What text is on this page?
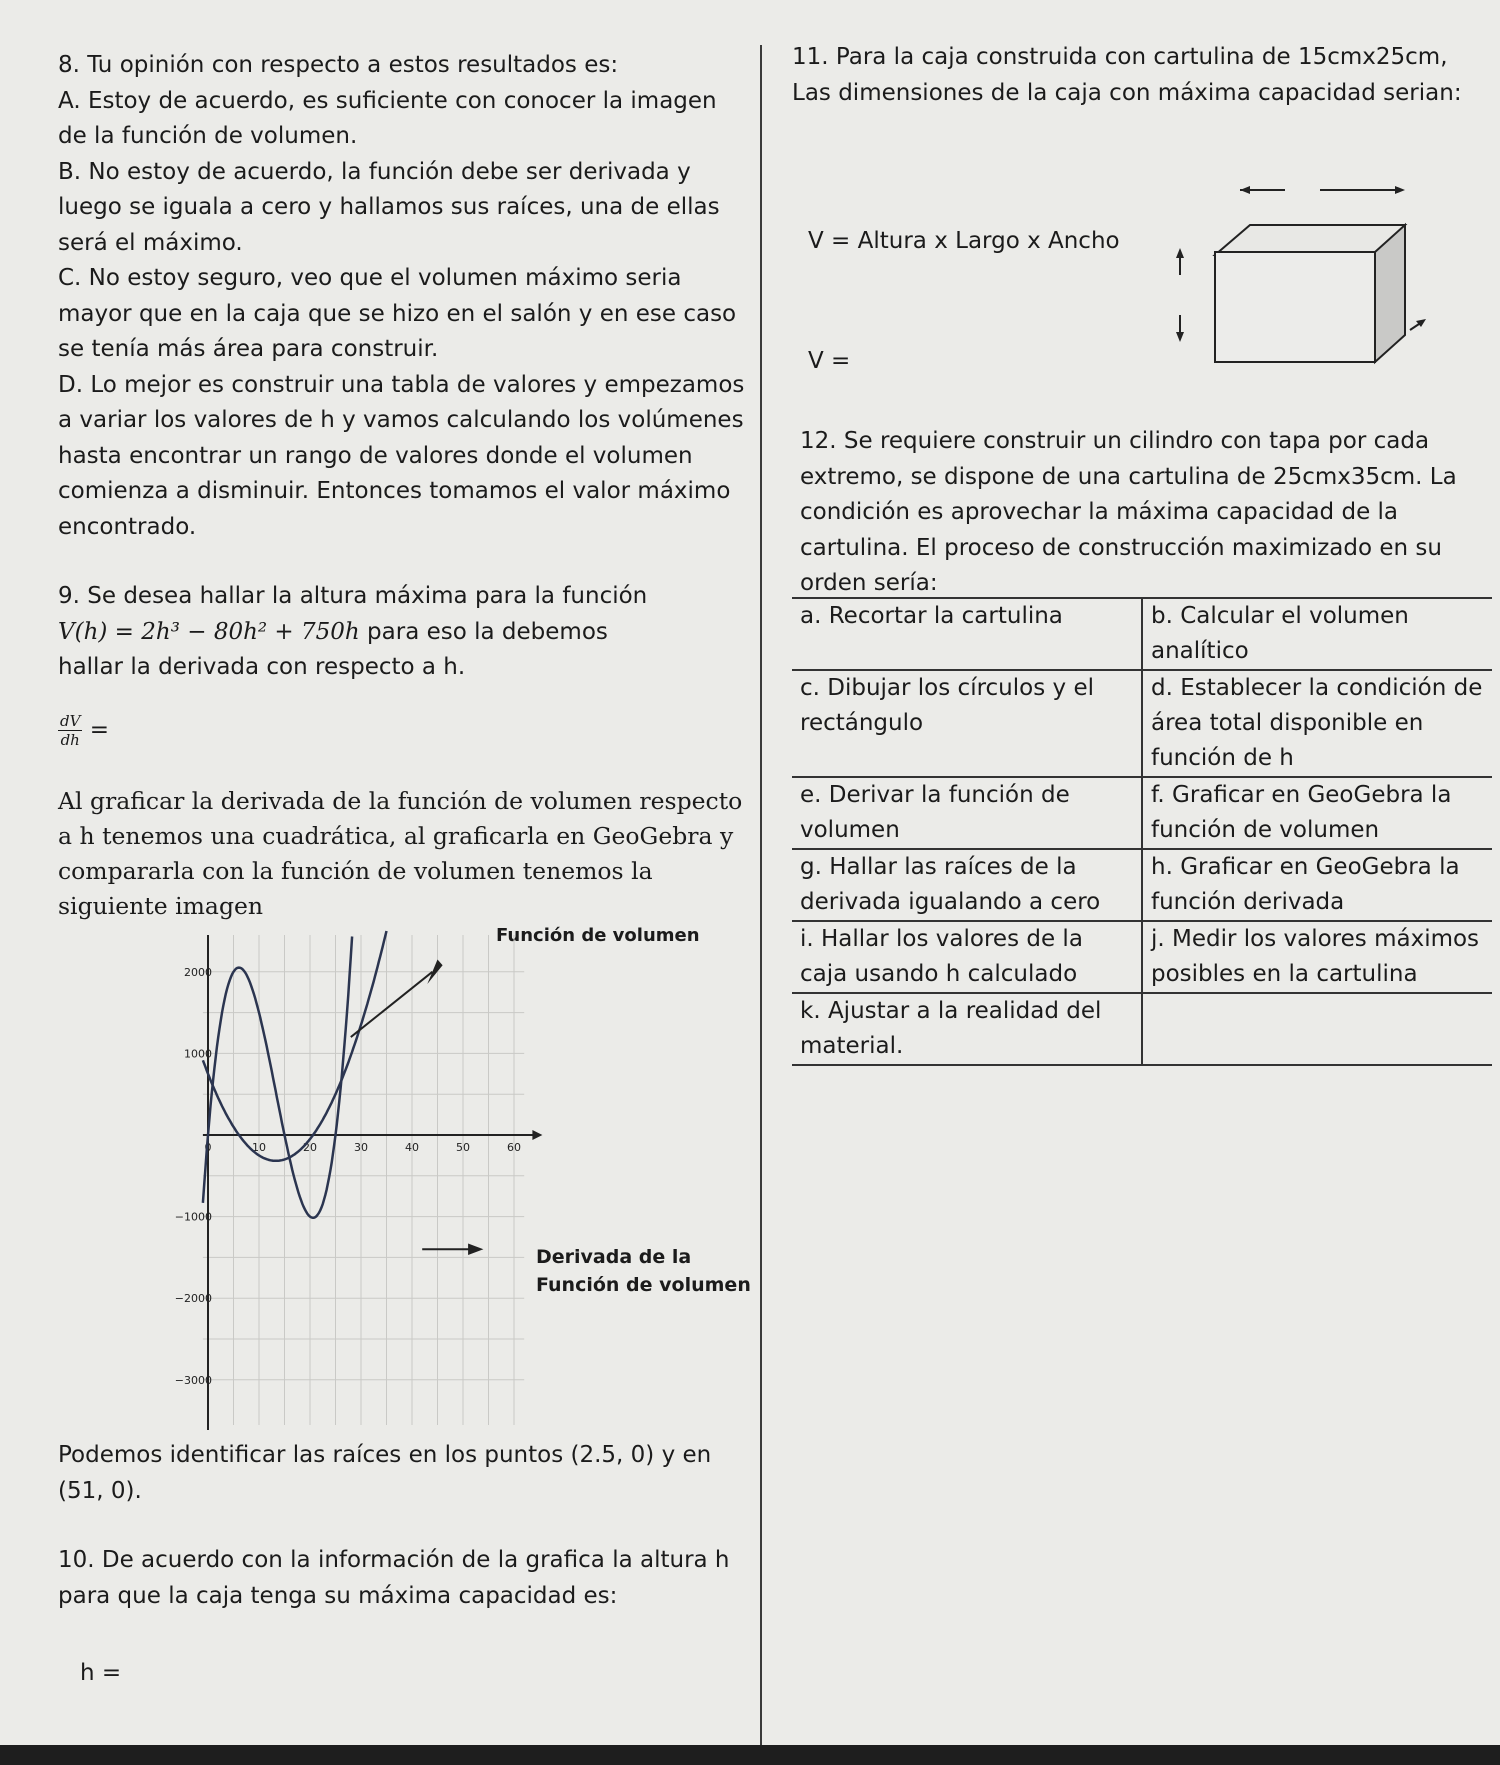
8. Tu opinión con respecto a estos resultados es:

A. Estoy de acuerdo, es suficiente con conocer la imagen de la función de volumen.

B. No estoy de acuerdo, la función debe ser derivada y luego se iguala a cero y hallamos sus raíces, una de ellas será el máximo.

C. No estoy seguro, veo que el volumen máximo seria mayor que en la caja que se hizo en el salón y en ese caso se tenía más área para construir.

D. Lo mejor es construir una tabla de valores y empezamos a variar los valores de h y vamos calculando los volúmenes hasta encontrar un rango de valores donde el volumen comienza a disminuir. Entonces tomamos el valor máximo encontrado.

9. Se desea hallar la altura máxima para la función

V(h) = 2h³ − 80h² + 750h para eso la debemos

hallar la derivada con respecto a h.

$\frac{dV}{dh}$ =

Al graficar la derivada de la función de volumen respecto a h tenemos una cuadrática, al graficarla en GeoGebra y compararla con la función de volumen tenemos la siguiente imagen

Función de volumen
0	10	20	30	40	50	60
2000
1000
−1000
−2000
−3000
Derivada de la Función de volumen

Podemos identificar las raíces en los puntos (2.5, 0) y en (51, 0).

10. De acuerdo con la información de la grafica la altura h para que la caja tenga su máxima capacidad es:

h =

11. Para la caja construida con cartulina de 15cmx25cm, Las dimensiones de la caja con máxima capacidad serian:

V = Altura x Largo x Ancho
V =

12. Se requiere construir un cilindro con tapa por cada extremo, se dispone de una cartulina de 25cmx35cm. La condición es aprovechar la máxima capacidad de la cartulina. El proceso de construcción maximizado en su orden sería:

a. Recortar la cartulina	b. Calcular el volumen analítico
c. Dibujar los círculos y el rectángulo	d. Establecer la condición de área total disponible en función de h
e. Derivar la función de volumen	f. Graficar en GeoGebra la función de volumen
g. Hallar las raíces de la derivada igualando a cero	h. Graficar en GeoGebra la función derivada
i. Hallar los valores de la caja usando h calculado	j. Medir los valores máximos posibles en la cartulina
k. Ajustar a la realidad del material.	
